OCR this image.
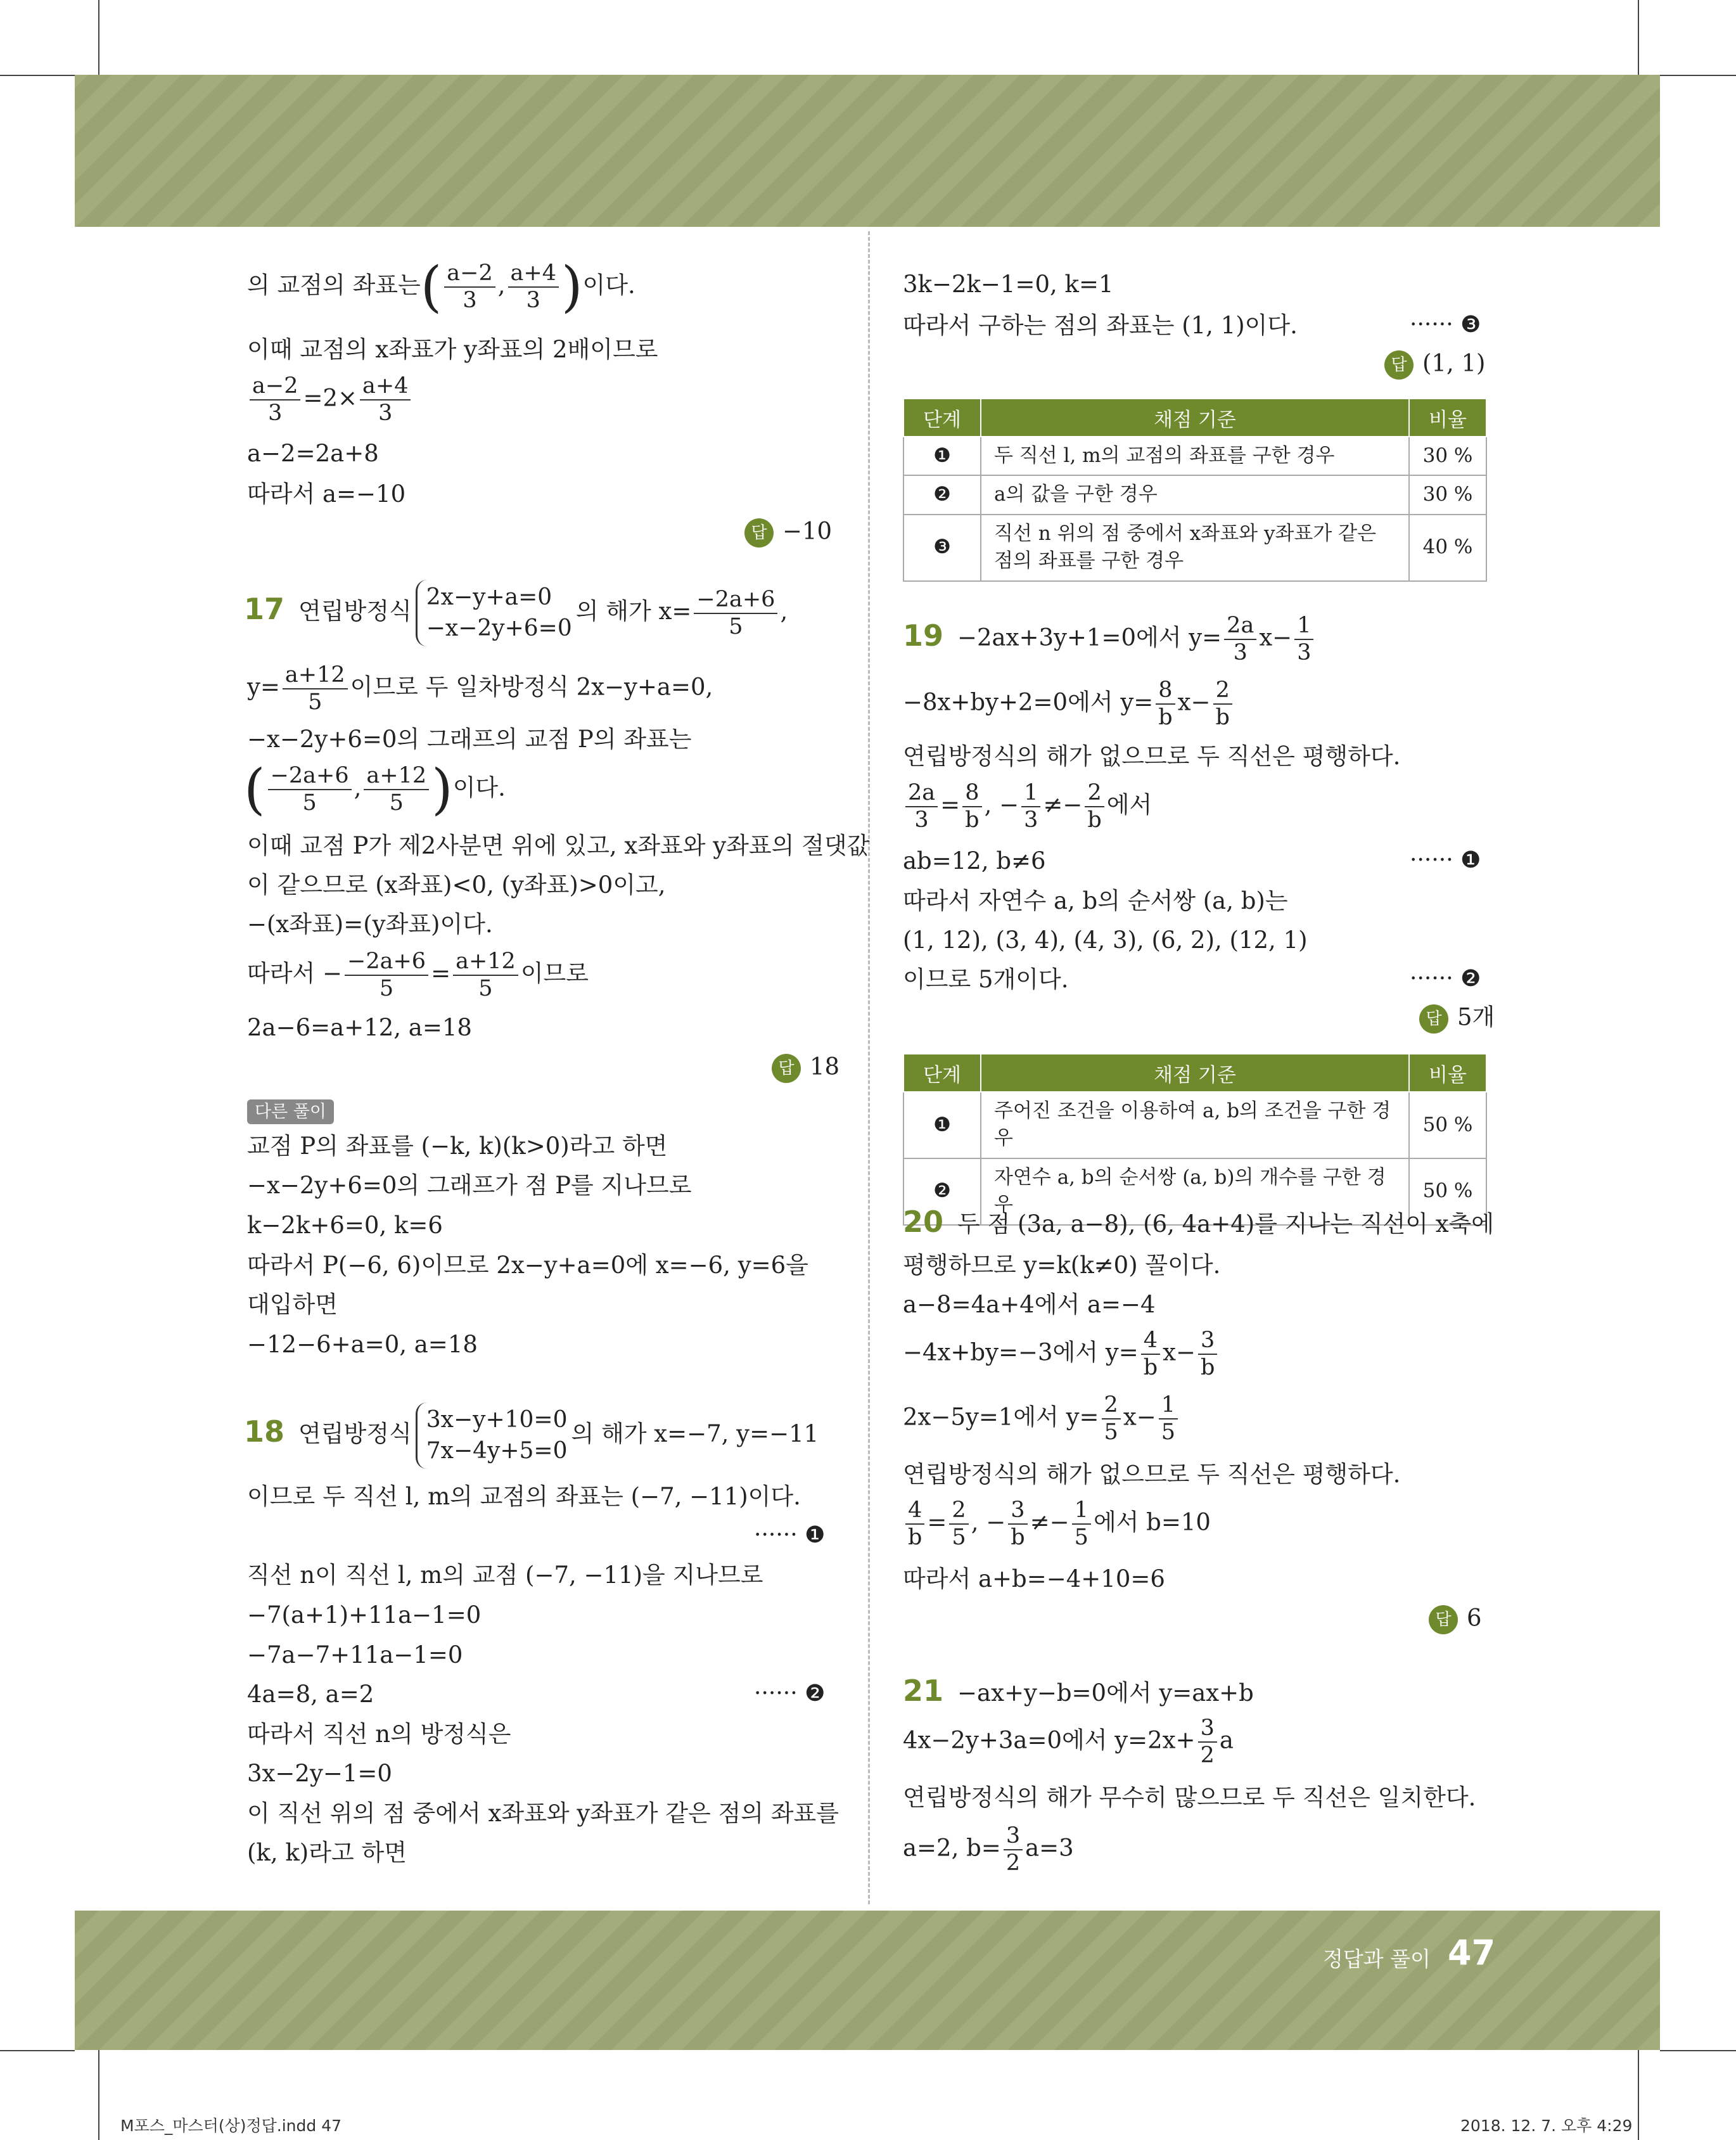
의 교점의 좌표는( $\frac{a-2}{3}$ , $\frac{a+4}{3}$ )이다.
이때 교점의 x좌표가 y좌표의 2배이므로
$\frac{a-2}{3} =2\times \frac{a+4}{3}$
a−2=2a+8
따라서 a=−10
답 −10
17 연립방정식
2x−y+a=0
−x−2y+6=0
의 해가 $x= \frac{-2a+6}{5}$ ,
$y= \frac{a+12}{5}$ 이므로 두 일차방정식 2x−y+a=0,
−x−2y+6=0의 그래프의 교점 P의 좌표는
( $\frac{-2a+6}{5}$ , $\frac{a+12}{5}$ )이다.
이때 교점 P가 제2사분면 위에 있고, x좌표와 y좌표의 절댓값
이 같으므로 (x좌표)<0, (y좌표)>0이고,
−(x좌표)=(y좌표)이다.
따라서 − $\frac{-2a+6}{5} = \frac{a+12}{5}$ 이므로
2a−6=a+12, a=18
답 18
다른 풀이
교점 P의 좌표를 (−k, k)(k>0)라고 하면
−x−2y+6=0의 그래프가 점 P를 지나므로
k−2k+6=0, k=6
따라서 P(−6, 6)이므로 2x−y+a=0에 x=−6, y=6을
대입하면
−12−6+a=0, a=18
18 연립방정식
3x−y+10=0
7x−4y+5=0
의 해가 x=−7, y=−11
이므로 두 직선 l, m의 교점의 좌표는 (−7, −11)이다.
······ ❶
직선 n이 직선 l, m의 교점 (−7, −11)을 지나므로
−7(a+1)+11a−1=0
−7a−7+11a−1=0
4a=8, a=2	······ ❷
따라서 직선 n의 방정식은
3x−2y−1=0
이 직선 위의 점 중에서 x좌표와 y좌표가 같은 점의 좌표를
(k, k)라고 하면
3k−2k−1=0, k=1
따라서 구하는 점의 좌표는 (1, 1)이다.	······ ❸
답 (1, 1)
단계	채점 기준	비율
❶	두 직선 l, m의 교점의 좌표를 구한 경우	30 %
❷	a의 값을 구한 경우	30 %
❸	직선 n 위의 점 중에서 x좌표와 y좌표가 같은
점의 좌표를 구한 경우	40 %
19 −2ax+3y+1=0에서 $y= \frac{2a}{3} x- \frac{1}{3}$
−8x+by+2=0에서 $y= \frac{8}{b} x- \frac{2}{b}$
연립방정식의 해가 없으므로 두 직선은 평행하다.
$\frac{2a}{3} = \frac{8}{b}$ , − $\frac{1}{3} \ne- \frac{2}{b}$ 에서
ab=12, b≠6	······ ❶
따라서 자연수 a, b의 순서쌍 (a, b)는
(1, 12), (3, 4), (4, 3), (6, 2), (12, 1)
이므로 5개이다.	······ ❷
답 5개
단계	채점 기준	비율
❶	주어진 조건을 이용하여 a, b의 조건을 구한 경우	50 %
❷	자연수 a, b의 순서쌍 (a, b)의 개수를 구한 경우	50 %
20 두 점 (3a, a−8), (6, 4a+4)를 지나는 직선이 x축에
평행하므로 y=k(k≠0) 꼴이다.
a−8=4a+4에서 a=−4
−4x+by=−3에서 $y= \frac{4}{b} x- \frac{3}{b}$
2x−5y=1에서 $y= \frac{2}{5} x- \frac{1}{5}$
연립방정식의 해가 없으므로 두 직선은 평행하다.
$\frac{4}{b} = \frac{2}{5}$ , − $\frac{3}{b} \ne- \frac{1}{5}$ 에서 b=10
따라서 a+b=−4+10=6
답 6
21 −ax+y−b=0에서 y=ax+b
4x−2y+3a=0에서 $y=2x+ \frac{3}{2}$ a
연립방정식의 해가 무수히 많으므로 두 직선은 일치한다.
a=2, $b= \frac{3}{2} a=3$
정답과 풀이 47
M포스_마스터(상)정답.indd 47	2018. 12. 7. 오후 4:29
